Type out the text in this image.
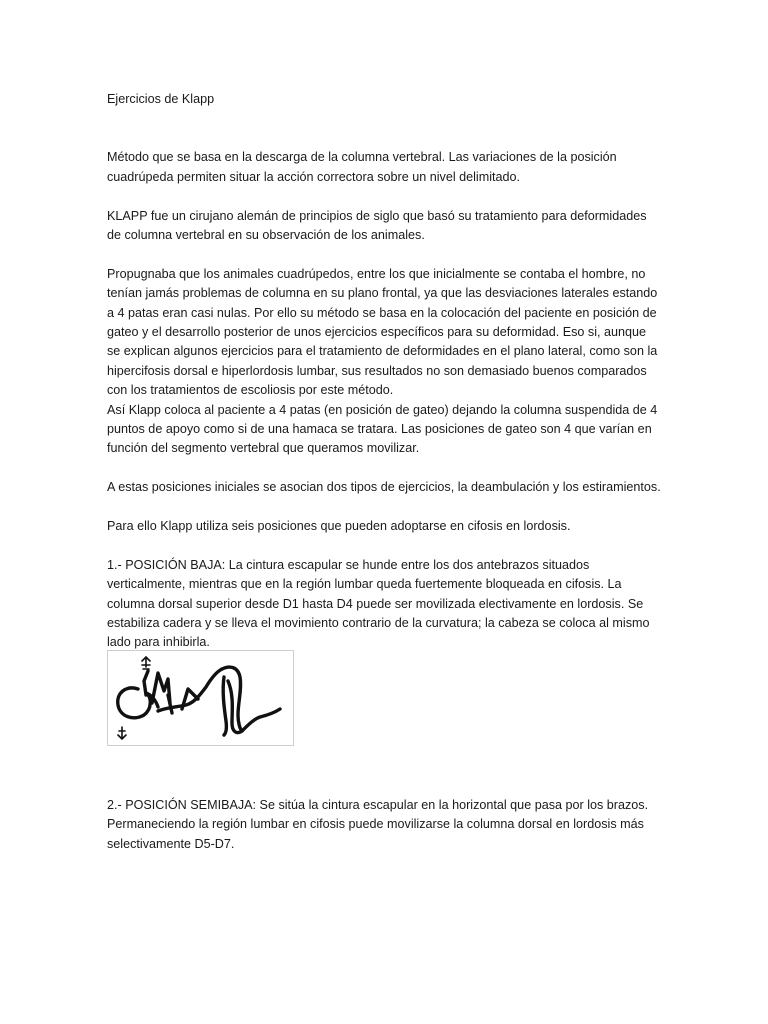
Ejercicios de Klapp

Método que se basa en la descarga de la columna vertebral. Las variaciones de la posición cuadrúpeda permiten situar la acción correctora sobre un nivel delimitado.

KLAPP fue un cirujano alemán de principios de siglo que basó su tratamiento para deformidades de columna vertebral en su observación de los animales.

Propugnaba que los animales cuadrúpedos, entre los que inicialmente se contaba el hombre, no tenían jamás problemas de columna en su plano frontal, ya que las desviaciones laterales estando a 4 patas eran casi nulas. Por ello su método se basa en la colocación del paciente en posición de gateo y el desarrollo posterior de unos ejercicios específicos para su deformidad. Eso si, aunque se explican algunos ejercicios para el tratamiento de deformidades en el plano lateral, como son la hipercifosis dorsal e hiperlordosis lumbar, sus resultados no son demasiado buenos comparados con los tratamientos de escoliosis por este método.

Así Klapp coloca al paciente a 4 patas (en posición de gateo) dejando la columna suspendida de 4 puntos de apoyo como si de una hamaca se tratara. Las posiciones de gateo son 4 que varían en función del segmento vertebral que queramos movilizar.

A estas posiciones iniciales se asocian dos tipos de ejercicios, la deambulación y los estiramientos.

Para ello Klapp utiliza seis posiciones que pueden adoptarse en cifosis en lordosis.

1.- POSICIÓN BAJA: La cintura escapular se hunde entre los dos antebrazos situados verticalmente, mientras que en la región lumbar queda fuertemente bloqueada en cifosis. La columna dorsal superior desde D1 hasta D4 puede ser movilizada electivamente en lordosis. Se estabiliza cadera y se lleva el movimiento contrario de la curvatura; la cabeza se coloca al mismo lado para inhibirla.

2.- POSICIÓN SEMIBAJA: Se sitúa la cintura escapular en la horizontal que pasa por los brazos. Permaneciendo la región lumbar en cifosis puede movilizarse la columna dorsal en lordosis más selectivamente D5-D7.
